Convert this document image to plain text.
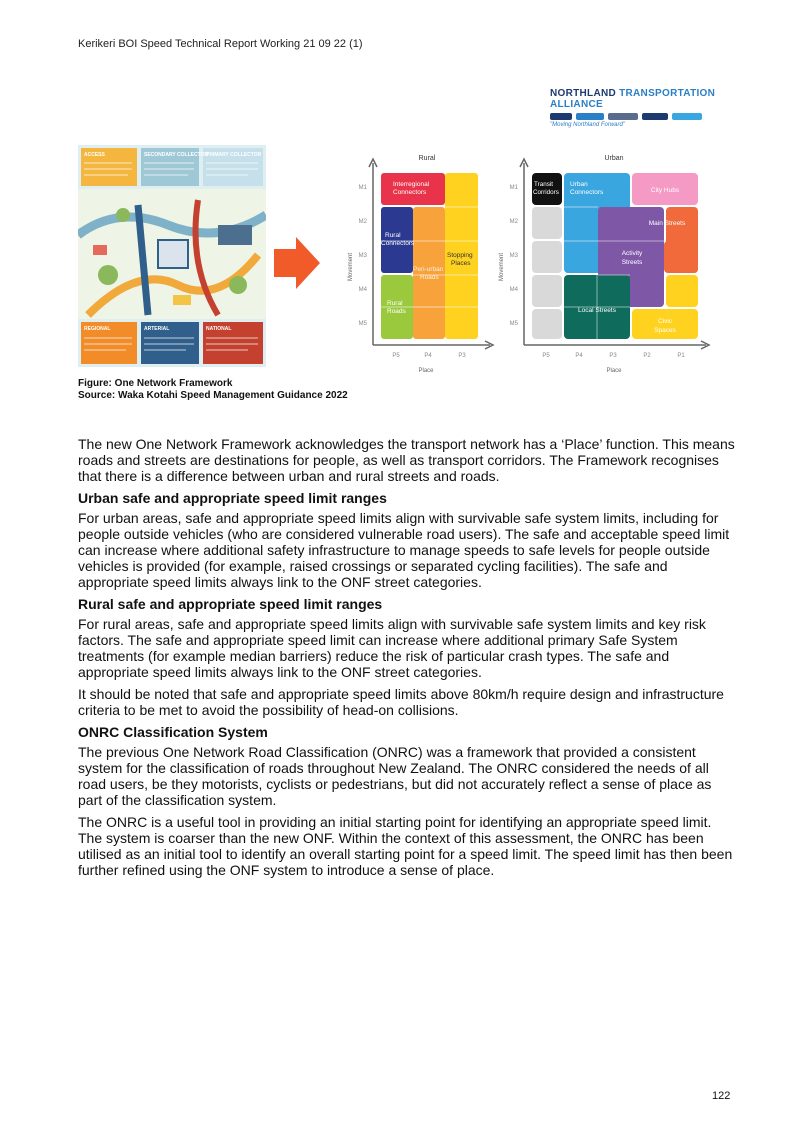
Kerikeri BOI Speed Technical Report Working 21 09 22 (1)
NORTHLAND TRANSPORTATION ALLIANCE
"Moving Northland Forward"
ACCESS	SECONDARY COLLECTOR
PRIMARY COLLECTOR
REGIONAL	ARTERIAL	NATIONAL
Rural
Movement
Place
M1
M2
M3
M4
M5
P5	P4	P3
Interregional
Connectors
Rural
Connectors
Peri-urban
Roads
Stopping
Places
Rural
Roads
Urban
Movement
Place
M1
M2
M3
M4
M5
P5	P4	P3	P2	P1
Transit
Corridors
Urban
Connectors	City Hubs
Main Streets
Activity
Streets
Local Streets
Civic
Spaces
Figure: One Network Framework
Source: Waka Kotahi Speed Management Guidance 2022

The new One Network Framework acknowledges the transport network has a ‘Place’ function. This means roads and streets are destinations for people, as well as transport corridors. The Framework recognises that there is a difference between urban and rural streets and roads.

Urban safe and appropriate speed limit ranges

For urban areas, safe and appropriate speed limits align with survivable safe system limits, including for people outside vehicles (who are considered vulnerable road users). The safe and acceptable speed limit can increase where additional safety infrastructure to manage speeds to safe levels for people outside vehicles is provided (for example, raised crossings or separated cycling facilities). The safe and appropriate speed limits always link to the ONF street categories.

Rural safe and appropriate speed limit ranges

For rural areas, safe and appropriate speed limits align with survivable safe system limits and key risk factors. The safe and appropriate speed limit can increase where additional primary Safe System treatments (for example median barriers) reduce the risk of particular crash types. The safe and appropriate speed limits always link to the ONF street categories.

It should be noted that safe and appropriate speed limits above 80km/h require design and infrastructure criteria to be met to avoid the possibility of head-on collisions.

ONRC Classification System

The previous One Network Road Classification (ONRC) was a framework that provided a consistent system for the classification of roads throughout New Zealand. The ONRC considered the needs of all road users, be they motorists, cyclists or pedestrians, but did not accurately reflect a sense of place as part of the classification system.

The ONRC is a useful tool in providing an initial starting point for identifying an appropriate speed limit. The system is coarser than the new ONF. Within the context of this assessment, the ONRC has been utilised as an initial tool to identify an overall starting point for a speed limit. The speed limit has then been further refined using the ONF system to introduce a sense of place.

122
